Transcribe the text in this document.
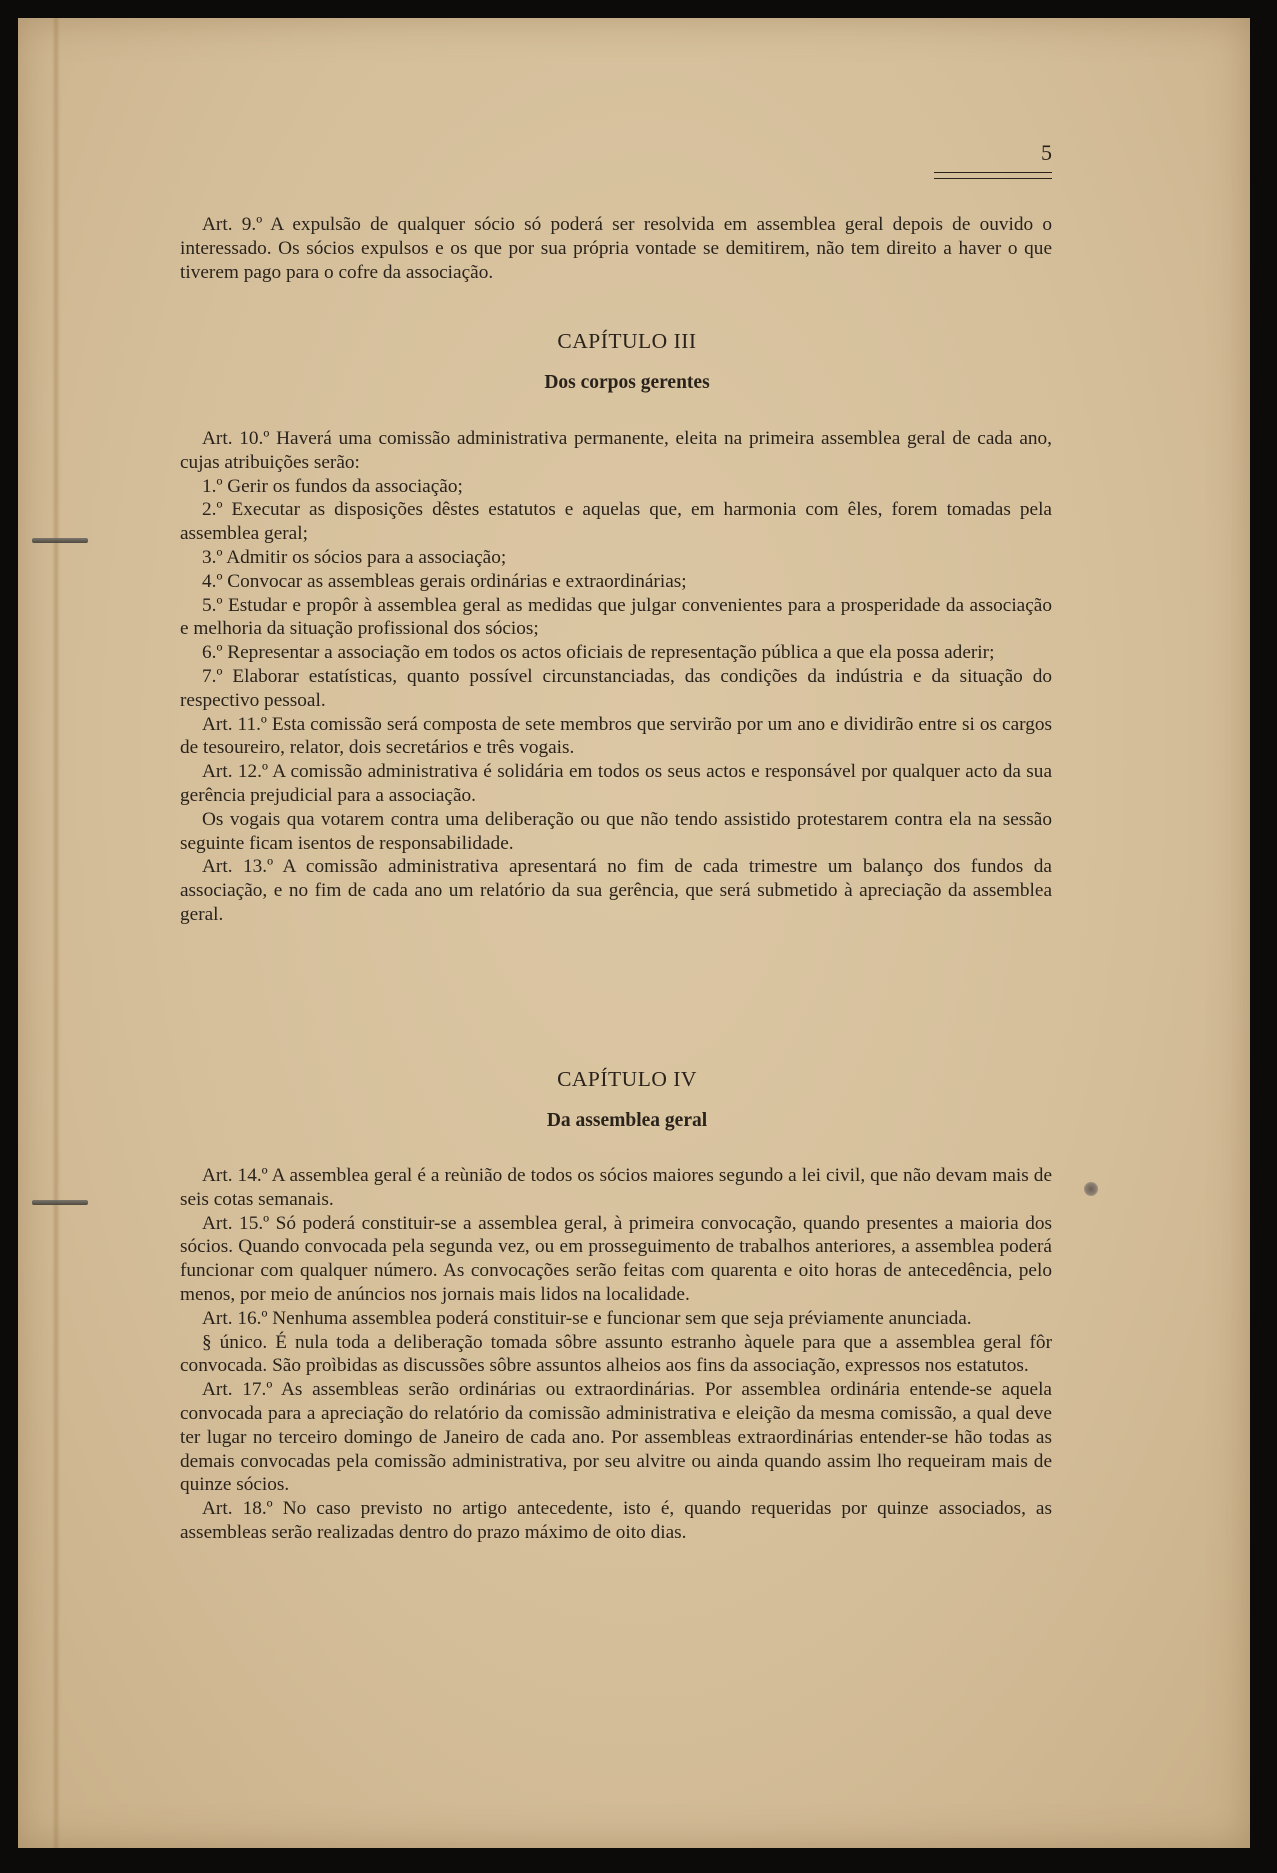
5

Art. 9.º A expulsão de qualquer sócio só poderá ser resolvida em assemblea geral depois de ouvido o interessado. Os sócios expulsos e os que por sua própria vontade se demitirem, não tem direito a haver o que tiverem pago para o cofre da associação.

CAPÍTULO III

Dos corpos gerentes

Art. 10.º Haverá uma comissão administrativa permanente, eleita na primeira assemblea geral de cada ano, cujas atribuições serão:

1.º Gerir os fundos da associação;

2.º Executar as disposições dêstes estatutos e aquelas que, em harmonia com êles, forem tomadas pela assemblea geral;

3.º Admitir os sócios para a associação;

4.º Convocar as assembleas gerais ordinárias e extraordinárias;

5.º Estudar e propôr à assemblea geral as medidas que julgar convenientes para a prosperidade da associação e melhoria da situação profissional dos sócios;

6.º Representar a associação em todos os actos oficiais de representação pública a que ela possa aderir;

7.º Elaborar estatísticas, quanto possível circunstanciadas, das condições da indústria e da situação do respectivo pessoal.

Art. 11.º Esta comissão será composta de sete membros que servirão por um ano e dividirão entre si os cargos de tesoureiro, relator, dois secretários e três vogais.

Art. 12.º A comissão administrativa é solidária em todos os seus actos e responsável por qualquer acto da sua gerência prejudicial para a associação.

Os vogais qua votarem contra uma deliberação ou que não tendo assistido protestarem contra ela na sessão seguinte ficam isentos de responsabilidade.

Art. 13.º A comissão administrativa apresentará no fim de cada trimestre um balanço dos fundos da associação, e no fim de cada ano um relatório da sua gerência, que será submetido à apreciação da assemblea geral.

CAPÍTULO IV

Da assemblea geral

Art. 14.º A assemblea geral é a reùnião de todos os sócios maiores segundo a lei civil, que não devam mais de seis cotas semanais.

Art. 15.º Só poderá constituir-se a assemblea geral, à primeira convocação, quando presentes a maioria dos sócios. Quando convocada pela segunda vez, ou em prosseguimento de trabalhos anteriores, a assemblea poderá funcionar com qualquer número. As convocações serão feitas com quarenta e oito horas de antecedência, pelo menos, por meio de anúncios nos jornais mais lidos na localidade.

Art. 16.º Nenhuma assemblea poderá constituir-se e funcionar sem que seja préviamente anunciada.

§ único. É nula toda a deliberação tomada sôbre assunto estranho àquele para que a assemblea geral fôr convocada. São proìbidas as discussões sôbre assuntos alheios aos fins da associação, expressos nos estatutos.

Art. 17.º As assembleas serão ordinárias ou extraordinárias. Por assemblea ordinária entende-se aquela convocada para a apreciação do relatório da comissão administrativa e eleição da mesma comissão, a qual deve ter lugar no terceiro domingo de Janeiro de cada ano. Por assembleas extraordinárias entender-se hão todas as demais convocadas pela comissão administrativa, por seu alvitre ou ainda quando assim lho requeiram mais de quinze sócios.

Art. 18.º No caso previsto no artigo antecedente, isto é, quando requeridas por quinze associados, as assembleas serão realizadas dentro do prazo máximo de oito dias.
